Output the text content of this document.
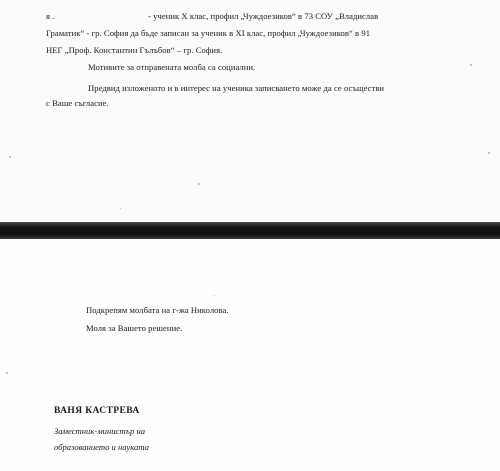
я .	- ученик X клас, профил „Чуждоезиков“ в 73 СОУ „Владислав
Граматик“ - гр. София да бъде записан за ученик в XI клас, профил „Чуждоезиков“ в 91
НЕГ „Проф. Константин Гълъбов“ – гр. София.
Мотивите за отправената молба са социални.
Предвид изложеното и в интерес на ученика записването може да се осъществи
с Ваше съгласие.
Подкрепям молбата на г-жа Николова.
Моля за Вашето решение.
ВАНЯ КАСТРЕВА
Заместник-министър на
образованието и науката
